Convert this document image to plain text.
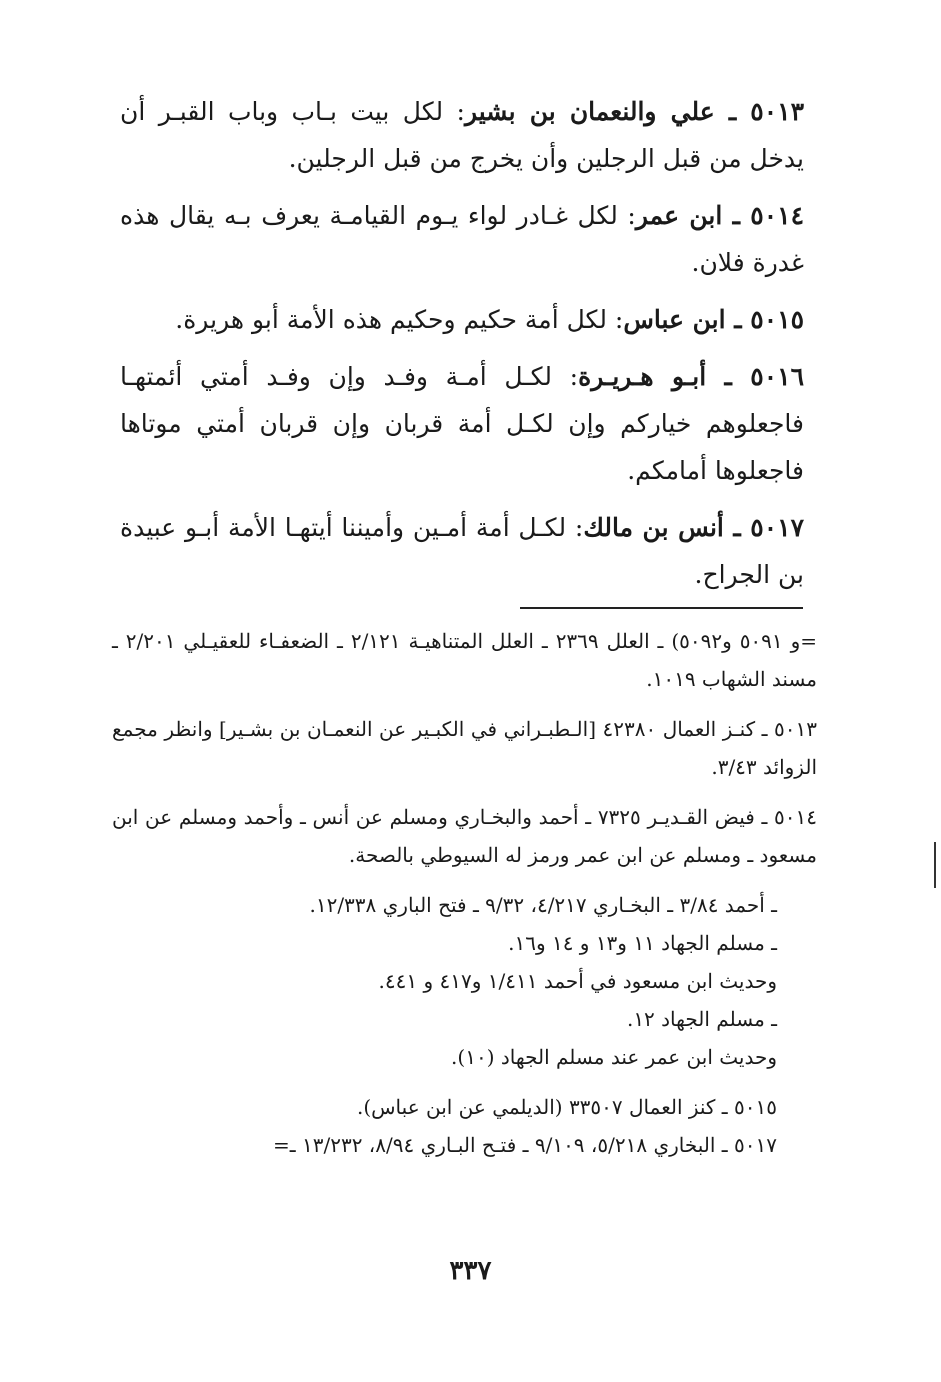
٥٠١٣ ـ علي والنعمان بن بشير: لكل بيت بـاب وباب القبـر أن يدخل من قبل الرجلين وأن يخرج من قبل الرجلين.

٥٠١٤ ـ ابن عمر: لكل غـادر لواء يـوم القيامـة يعرف بـه يقال هذه غدرة فلان.

٥٠١٥ ـ ابن عباس: لكل أمة حكيم وحكيم هذه الأمة أبو هريرة.

٥٠١٦ ـ أبـو هـريـرة: لكـل أمـة وفـد وإن وفـد أمتي أئمتهـا فاجعلوهم خياركم وإن لكـل أمة قربان وإن قربان أمتي موتاها فاجعلوها أمامكم.

٥٠١٧ ـ أنس بن مالك: لكـل أمة أمـين وأميننا أيتهـا الأمة أبـو عبيدة بن الجراح.

=و ٥٠٩١ و٥٠٩٢) ـ العلل ٢٣٦٩ ـ العلل المتناهيـة ٢/١٢١ ـ الضعفـاء للعقيـلي ٢/٢٠١ ـ مسند الشهاب ١٠١٩.

٥٠١٣ ـ كنـز العمال ٤٢٣٨٠ [الـطبـراني في الكبـير عن النعمـان بن بشـير] وانظر مجمع الزوائد ٣/٤٣.

٥٠١٤ ـ فيض القـديـر ٧٣٢٥ ـ أحمد والبخـاري ومسلم عن أنس ـ وأحمد ومسلم عن ابن مسعود ـ ومسلم عن ابن عمر ورمز له السيوطي بالصحة.

ـ أحمد ٣/٨٤ ـ البخـاري ٤/٢١٧، ٩/٣٢ ـ فتح الباري ١٢/٣٣٨.

ـ مسلم الجهاد ١١ و١٣ و ١٤ و١٦.

وحديث ابن مسعود في أحمد ١/٤١١ و٤١٧ و ٤٤١.

ـ مسلم الجهاد ١٢.

وحديث ابن عمر عند مسلم الجهاد (١٠).

٥٠١٥ ـ كنز العمال ٣٣٥٠٧ (الديلمي عن ابن عباس).

٥٠١٧ ـ البخاري ٥/٢١٨، ٩/١٠٩ ـ فتـح البـاري ٨/٩٤، ١٣/٢٣٢ ـ=

٣٣٧
